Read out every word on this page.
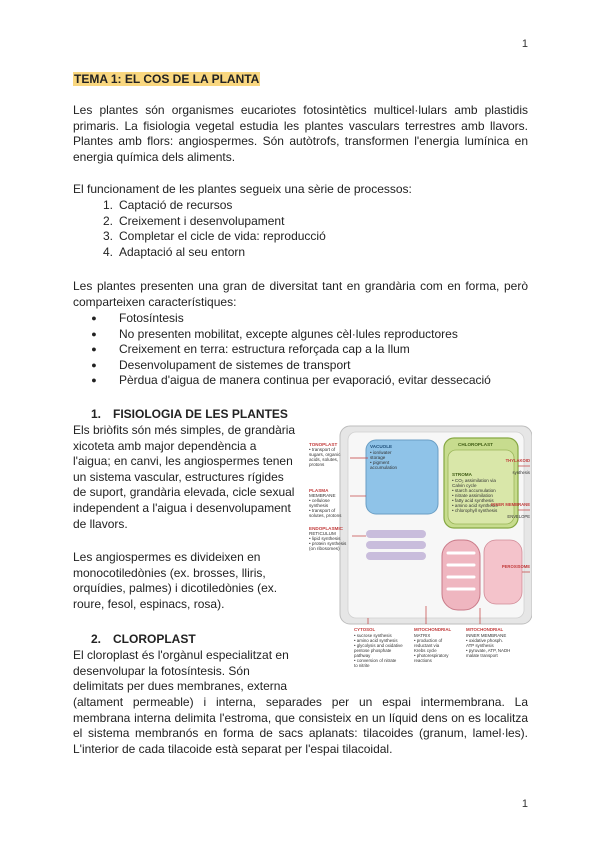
1
TEMA 1: EL COS DE LA PLANTA
Les plantes són organismes eucariotes fotosintètics multicel·lulars amb plastidis primaris. La fisiologia vegetal estudia les plantes vasculars terrestres amb llavors. Plantes amb flors: angiospermes. Són autòtrofs, transformen l'energia lumínica en energia química dels aliments.
El funcionament de les plantes segueix una sèrie de processos:
1. Captació de recursos
2. Creixement i desenvolupament
3. Completar el cicle de vida: reproducció
4. Adaptació al seu entorn
Les plantes presenten una gran de diversitat tant en grandària com en forma, però comparteixen característiques:
● Fotosíntesis
● No presenten mobilitat, excepte algunes cèl·lules reproductores
● Creixement en terra: estructura reforçada cap a la llum
● Desenvolupament de sistemes de transport
● Pèrdua d'aigua de manera continua per evaporació, evitar dessecació
1. FISIOLOGIA DE LES PLANTES
Els briòfits són més simples, de grandària
xicoteta amb major dependència a
l'aigua; en canvi, les angiospermes tenen
un sistema vascular, estructures rígides
de suport, grandària elevada, cicle sexual
independent a l'aigua i desenvolupament
de llavors.
Les angiospermes es divideixen en
monocotiledònies (ex. brosses, lliris,
orquídies, palmes) i dicotiledònies (ex.
roure, fesol, espinacs, rosa).
2. CLOROPLAST
El cloroplast és l'orgànul especialitzat en
desenvolupar la fotosíntesis. Són
delimitats per dues membranes, externa
(altament permeable) i interna, separades per un espai intermembrana. La membrana interna delimita l'estroma, que consisteix en un líquid dens on es localitza el sistema membranós en forma de sacs aplanats: tilacoides (granum, lamel·les). L'interior de cada tilacoide està separat per l'espai tilacoidal.
TONOPLAST
• transport of
sugars, organic
acids, solutes,
protons
PLASMA
MEMBRANE
• cellulose
synthesis
• transport of
solutes, protons
ENDOPLASMIC
RETICULUM
• lipid synthesis
• protein synthesis
(on ribosomes)
VACUOLE
• ion/water
storage
• pigment
accumulation
CHLOROPLAST
STROMA
• CO₂ assimilation via
Calvin cycle
• starch accumulation
• nitrate assimilation
• fatty acid synthesis
• amino acid synthesis
• chlorophyll synthesis
THYLAKOID
synthesis
INNER MEMBRANE
ENVELOPE
PEROXISOME
CYTOSOL
• sucrose synthesis
• amino acid synthesis
• glycolysis and oxidative
pentose phosphate
pathway
• conversion of nitrate
to nitrite
MITOCHONDRIAL
MATRIX
• production of
reductant via
Krebs cycle
• photorespiratory
reactions
MITOCHONDRIAL
INNER MEMBRANE
• oxidative phosph.
ATP synthesis
• pyruvate, ATP, NADH
malate transport
1
